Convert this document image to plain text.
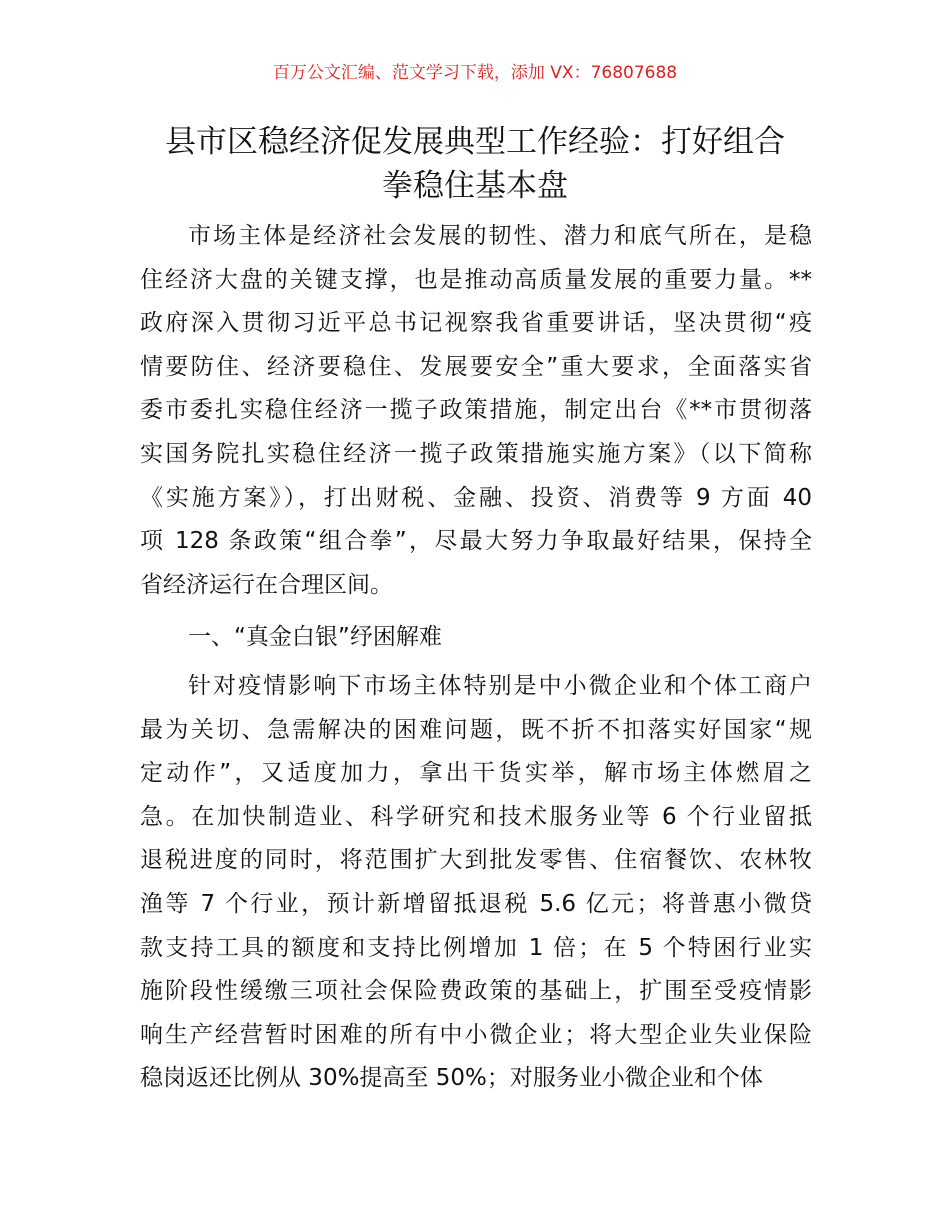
百万公文汇编、范文学习下载，添加 VX：76807688
县市区稳经济促发展典型工作经验：打好组合
拳稳住基本盘
市场主体是经济社会发展的韧性、潜力和底气所在，是稳
住经济大盘的关键支撑，也是推动高质量发展的重要力量。**
政府深入贯彻习近平总书记视察我省重要讲话，坚决贯彻“疫
情要防住、经济要稳住、发展要安全”重大要求，全面落实省
委市委扎实稳住经济一揽子政策措施，制定出台《**市贯彻落
实国务院扎实稳住经济一揽子政策措施实施方案》（以下简称
《实施方案》），打出财税、金融、投资、消费等 9 方面 40
项 128 条政策“组合拳”，尽最大努力争取最好结果，保持全
省经济运行在合理区间。
一、“真金白银”纾困解难
针对疫情影响下市场主体特别是中小微企业和个体工商户
最为关切、急需解决的困难问题，既不折不扣落实好国家“规
定动作”，又适度加力，拿出干货实举，解市场主体燃眉之
急。在加快制造业、科学研究和技术服务业等 6 个行业留抵
退税进度的同时，将范围扩大到批发零售、住宿餐饮、农林牧
渔等 7 个行业，预计新增留抵退税 5.6 亿元；将普惠小微贷
款支持工具的额度和支持比例增加 1 倍；在 5 个特困行业实
施阶段性缓缴三项社会保险费政策的基础上，扩围至受疫情影
响生产经营暂时困难的所有中小微企业；将大型企业失业保险
稳岗返还比例从 30%提高至 50%；对服务业小微企业和个体
